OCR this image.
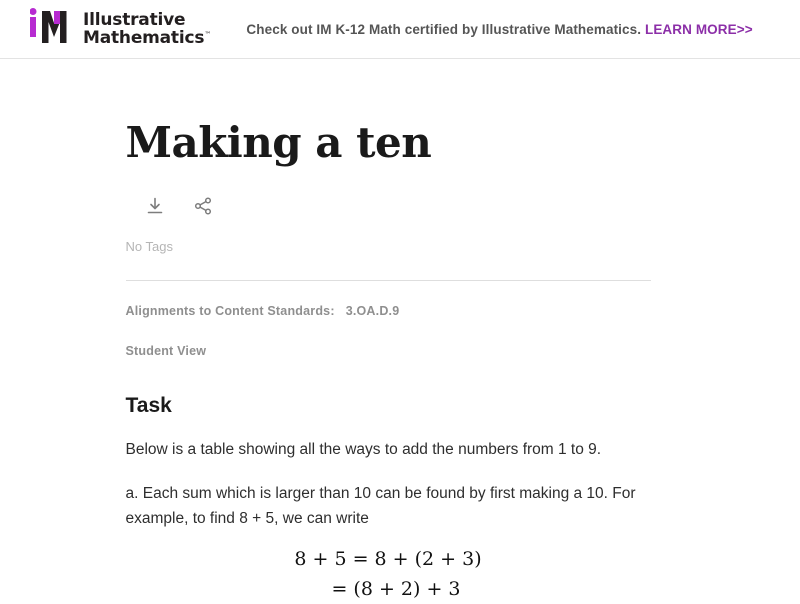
Illustrative
Mathematics™	Check out IM K-12 Math certified by Illustrative Mathematics. LEARN MORE>>
Making a ten
No Tags
Alignments to Content Standards: 3.OA.D.9
Student View
Task

Below is a table showing all the ways to add the numbers from 1 to 9.

a. Each sum which is larger than 10 can be found by first making a 10. For example, to find 8 + 5, we can write

8 + 5 = 8 + (2 + 3)
= (8 + 2) + 3
